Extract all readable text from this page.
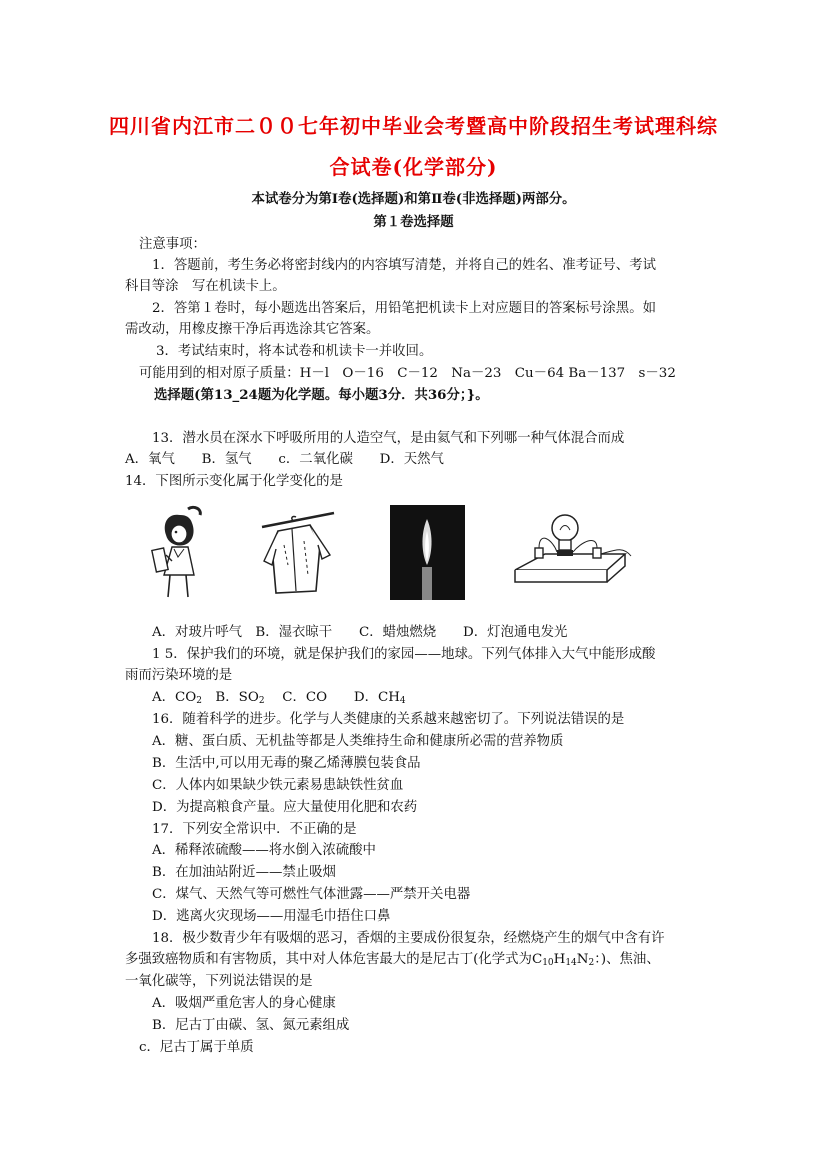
四川省内江市二００七年初中毕业会考暨高中阶段招生考试理科综
合试卷(化学部分)
本试卷分为第Ⅰ卷(选择题)和第Ⅱ卷(非选择题)两部分。
第１卷选择题
注意事项：
1．答题前，考生务必将密封线内的内容填写清楚，并将自己的姓名、准考证号、考试
科目等涂　写在机读卡上。
2．答第１卷时，每小题选出答案后，用铅笔把机读卡上对应题目的答案标号涂黑。如
需改动，用橡皮擦干净后再选涂其它答案。
3．考试结束时，将本试卷和机读卡一并收回。
可能用到的相对原子质量：H－l　O－16　C－12　Na－23　Cu－64 Ba－137　s－32
选择题(第13_24题为化学题。每小题3分．共36分；}。
13．潜水员在深水下呼吸所用的人造空气，是由氦气和下列哪一种气体混合而成
A．氧气　　B．氢气　　c．二氧化碳　　D．天然气
14．下图所示变化属于化学变化的是
A．对玻片呼气　B．湿衣晾干　　C．蜡烛燃烧　　D．灯泡通电发光
1 5．保护我们的环境，就是保护我们的家园——地球。下列气体排入大气中能形成酸
雨而污染环境的是
A．$CO_2$　B．$SO_2$　 C．CO　　D．$CH_4$
16．随着科学的进步。化学与人类健康的关系越来越密切了。下列说法错误的是
A．糖、蛋白质、无机盐等都是人类维持生命和健康所必需的营养物质
B．生活中,可以用无毒的聚乙烯薄膜包装食品
C．人体内如果缺少铁元素易患缺铁性贫血
D．为提高粮食产量。应大量使用化肥和农药
17．下列安全常识中．不正确的是
A．稀释浓硫酸——将水倒入浓硫酸中
B．在加油站附近——禁止吸烟
C．煤气、天然气等可燃性气体泄露——严禁开关电器
D．逃离火灾现场——用湿毛巾捂住口鼻
18．极少数青少年有吸烟的恶习，香烟的主要成份很复杂，经燃烧产生的烟气中含有许
多强致癌物质和有害物质，其中对人体危害最大的是尼古丁(化学式为$C_{10}H_{14}N_2$：)、焦油、
一氧化碳等，下列说法错误的是
A．吸烟严重危害人的身心健康
B．尼古丁由碳、氢、氮元素组成
c．尼古丁属于单质
